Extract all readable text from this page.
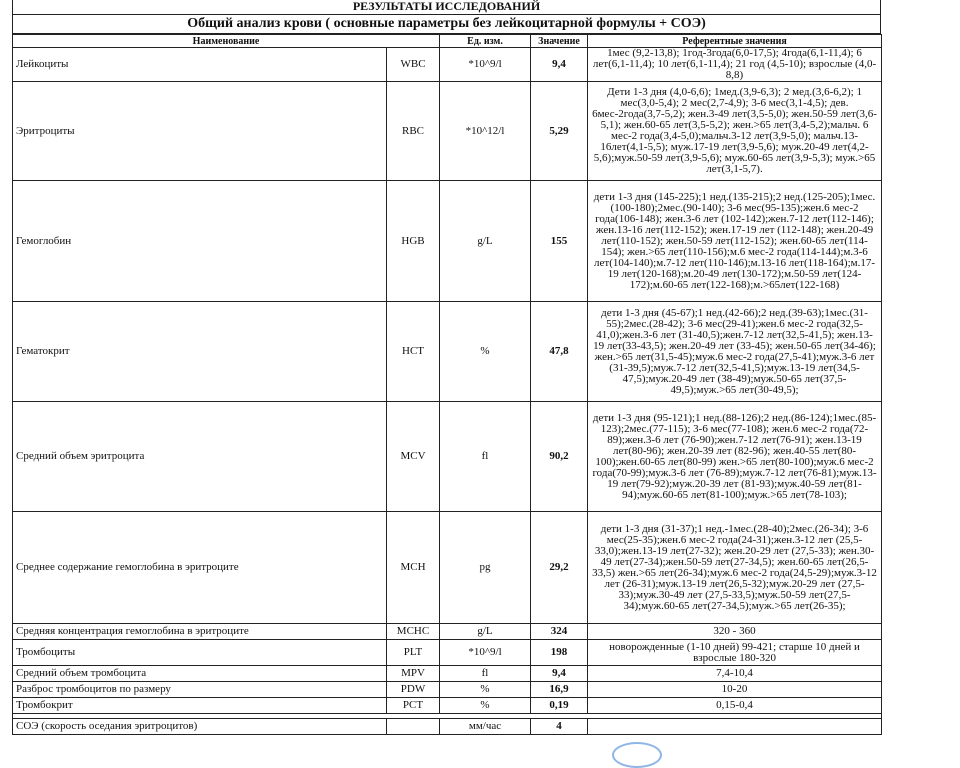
РЕЗУЛЬТАТЫ ИССЛЕДОВАНИЙ
Общий анализ крови ( основные параметры без лейкоцитарной формулы + СОЭ)
Наименование		Ед. изм.	Значение	Референтные значения
Лейкоциты	WBC	*10^9/l	9,4	1мес (9,2-13,8); 1год-3года(6,0-17,5); 4года(6,1-11,4); 6 лет(6,1-11,4); 10 лет(6,1-11,4); 21 год (4,5-10); взрослые (4,0-8,8)
Эритроциты	RBC	*10^12/l	5,29	Дети 1-3 дня (4,0-6,6); 1мед.(3,9-6,3); 2 мед.(3,6-6,2); 1 мес(3,0-5,4); 2 мес(2,7-4,9); 3-6 мес(3,1-4,5); дев. 6мес-2года(3,7-5,2); жен.3-49 лет(3,5-5,0); жен.50-59 лет(3,6-5,1); жен.60-65 лет(3,5-5,2); жен.>65 лет(3,4-5,2);мальч. 6 мес-2 года(3,4-5,0);мальч.3-12 лет(3,9-5,0); мальч.13-16лет(4,1-5,5); муж.17-19 лет(3,9-5,6); муж.20-49 лет(4,2-5,6);муж.50-59 лет(3,9-5,6); муж.60-65 лет(3,9-5,3); муж.>65 лет(3,1-5,7).
Гемоглобин	HGB	g/L	155	дети 1-3 дня (145-225);1 нед.(135-215);2 нед.(125-205);1мес.(100-180);2мес.(90-140); 3-6 мес(95-135);жен.6 мес-2 года(106-148); жен.3-6 лет (102-142);жен.7-12 лет(112-146); жен.13-16 лет(112-152); жен.17-19 лет (112-148); жен.20-49 лет(110-152); жен.50-59 лет(112-152); жен.60-65 лет(114-154); жен.>65 лет(110-156);м.6 мес-2 года(114-144);м.3-6 лет(104-140);м.7-12 лет(110-146);м.13-16 лет(118-164);м.17-19 лет(120-168);м.20-49 лет(130-172);м.50-59 лет(124-172);м.60-65 лет(122-168);м.>65лет(122-168)
Гематокрит	HCT	%	47,8	дети 1-3 дня (45-67);1 нед.(42-66);2 нед.(39-63);1мес.(31-55);2мес.(28-42); 3-6 мес(29-41);жен.6 мес-2 года(32,5-41,0);жен.3-6 лет (31-40,5);жен.7-12 лет(32,5-41,5); жен.13-19 лет(33-43,5); жен.20-49 лет (33-45); жен.50-65 лет(34-46); жен.>65 лет(31,5-45);муж.6 мес-2 года(27,5-41);муж.3-6 лет (31-39,5);муж.7-12 лет(32,5-41,5);муж.13-19 лет(34,5-47,5);муж.20-49 лет (38-49);муж.50-65 лет(37,5-49,5);муж.>65 лет(30-49,5);
Средний объем эритроцита	MCV	fl	90,2	дети 1-3 дня (95-121);1 нед.(88-126);2 нед.(86-124);1мес.(85-123);2мес.(77-115); 3-6 мес(77-108); жен.6 мес-2 года(72-89);жен.3-6 лет (76-90);жен.7-12 лет(76-91); жен.13-19 лет(80-96); жен.20-39 лет (82-96); жен.40-55 лет(80-100);жен.60-65 лет(80-99) жен.>65 лет(80-100);муж.6 мес-2 года(70-99);муж.3-6 лет (76-89);муж.7-12 лет(76-81);муж.13-19 лет(79-92);муж.20-39 лет (81-93);муж.40-59 лет(81-94);муж.60-65 лет(81-100);муж.>65 лет(78-103);
Среднее содержание гемоглобина в эритроците	MCH	pg	29,2	дети 1-3 дня (31-37);1 нед.-1мес.(28-40);2мес.(26-34); 3-6 мес(25-35);жен.6 мес-2 года(24-31);жен.3-12 лет (25,5-33,0);жен.13-19 лет(27-32); жен.20-29 лет (27,5-33); жен.30-49 лет(27-34);жен.50-59 лет(27-34,5); жен.60-65 лет(26,5-33,5) жен.>65 лет(26-34);муж.6 мес-2 года(24,5-29);муж.3-12 лет (26-31);муж.13-19 лет(26,5-32);муж.20-29 лет (27,5-33);муж.30-49 лет (27,5-33,5);муж.50-59 лет(27,5-34);муж.60-65 лет(27-34,5);муж.>65 лет(26-35);
Средняя концентрация гемоглобина в эритроците	MCHC	g/L	324	320 - 360
Тромбоциты	PLT	*10^9/l	198	новорожденные (1-10 дней) 99-421; старше 10 дней и взрослые 180-320
Средний объем тромбоцита	MPV	fl	9,4	7,4-10,4
Разброс тромбоцитов по размеру	PDW	%	16,9	10-20
Тромбокрит	PCT	%	0,19	0,15-0,4

СОЭ (скорость оседания эритроцитов)		мм/час	4	
